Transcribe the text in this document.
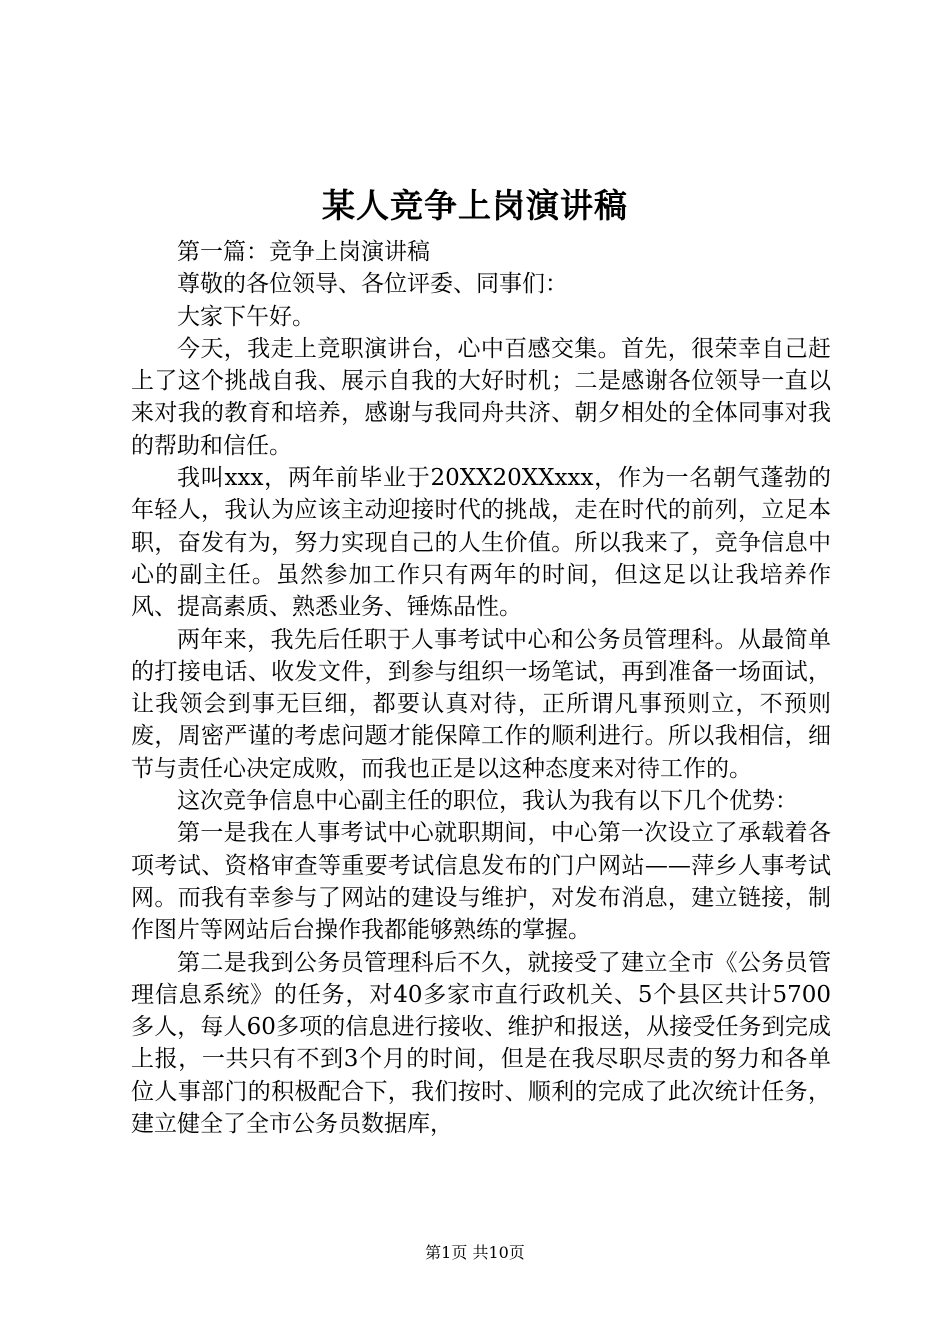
某人竞争上岗演讲稿

第一篇：竞争上岗演讲稿

尊敬的各位领导、各位评委、同事们：

大家下午好。

今天，我走上竞职演讲台，心中百感交集。首先，很荣幸自己赶上了这个挑战自我、展示自我的大好时机；二是感谢各位领导一直以来对我的教育和培养，感谢与我同舟共济、朝夕相处的全体同事对我的帮助和信任。

我叫xxx，两年前毕业于20XX20XXxxx，作为一名朝气蓬勃的年轻人，我认为应该主动迎接时代的挑战，走在时代的前列，立足本职，奋发有为，努力实现自己的人生价值。所以我来了，竞争信息中心的副主任。虽然参加工作只有两年的时间，但这足以让我培养作风、提高素质、熟悉业务、锤炼品性。

两年来，我先后任职于人事考试中心和公务员管理科。从最简单的打接电话、收发文件，到参与组织一场笔试，再到准备一场面试，让我领会到事无巨细，都要认真对待，正所谓凡事预则立，不预则废，周密严谨的考虑问题才能保障工作的顺利进行。所以我相信，细节与责任心决定成败，而我也正是以这种态度来对待工作的。

这次竞争信息中心副主任的职位，我认为我有以下几个优势：

第一是我在人事考试中心就职期间，中心第一次设立了承载着各项考试、资格审查等重要考试信息发布的门户网站——萍乡人事考试网。而我有幸参与了网站的建设与维护，对发布消息，建立链接，制作图片等网站后台操作我都能够熟练的掌握。

第二是我到公务员管理科后不久，就接受了建立全市《公务员管理信息系统》的任务，对40多家市直行政机关、5个县区共计5700多人，每人60多项的信息进行接收、维护和报送，从接受任务到完成上报，一共只有不到3个月的时间，但是在我尽职尽责的努力和各单位人事部门的积极配合下，我们按时、顺利的完成了此次统计任务，建立健全了全市公务员数据库，

第1页 共10页
